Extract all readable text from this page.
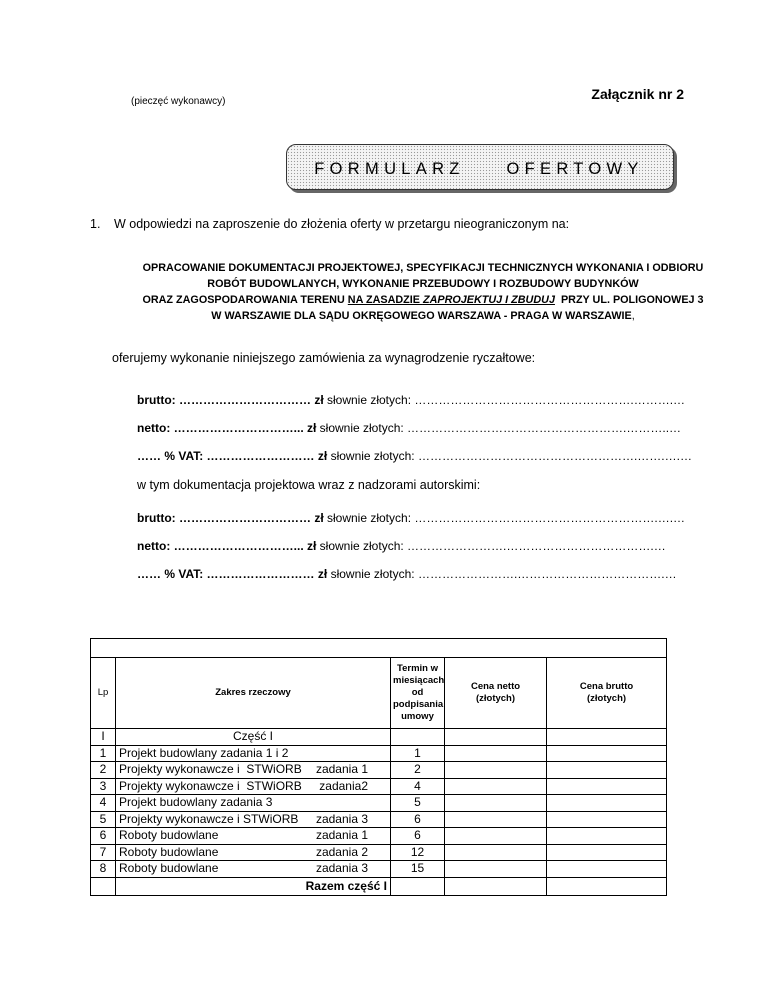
Załącznik nr 2
(pieczęć wykonawcy)
FORMULARZ OFERTOWY
1. W odpowiedzi na zaproszenie do złożenia oferty w przetargu nieograniczonym na:
OPRACOWANIE DOKUMENTACJI PROJEKTOWEJ, SPECYFIKACJI TECHNICZNYCH WYKONANIA I ODBIORU
ROBÓT BUDOWLANYCH, WYKONANIE PRZEBUDOWY I ROZBUDOWY BUDYNKÓW
ORAZ ZAGOSPODAROWANIA TERENU NA ZASADZIE ZAPROJEKTUJ I ZBUDUJ  PRZY UL. POLIGONOWEJ 3
W WARSZAWIE DLA SĄDU OKRĘGOWEGO WARSZAWA - PRAGA W WARSZAWIE,
oferujemy wykonanie niniejszego zamówienia za wynagrodzenie ryczałtowe:
brutto: …………………………… zł słownie złotych: ……………………………………………….……….…
netto: …………………………... zł słownie złotych: ……………………………………………….………..…
…… % VAT: ……………………… zł słownie złotych: ……………………………………………….…….….…
w tym dokumentacja projektowa wraz z nadzorami autorskimi:
brutto: …………………………… zł słownie złotych: …………………………………………………….….…
netto: …………………………... zł słownie złotych: …………………….……………………………….…
…… % VAT: ……………………… zł słownie złotych: …………………….……………………………….…

Lp	Zakres rzeczowy	Termin w miesiącach od podpisania umowy	Cena netto (złotych)	Cena brutto (złotych)
I	Część I			
1	Projekt budowlany zadania 1 i 2	1		
2	Projekty wykonawcze i  STWiORB zadania 1	2		
3	Projekty wykonawcze i  STWiORB zadania2	4		
4	Projekt budowlany zadania 3	5		
5	Projekty wykonawcze i STWiORB zadania 3	6		
6	Roboty budowlane zadania 1	6		
7	Roboty budowlane zadania 2	12		
8	Roboty budowlane zadania 3	15		
	Razem część I			
